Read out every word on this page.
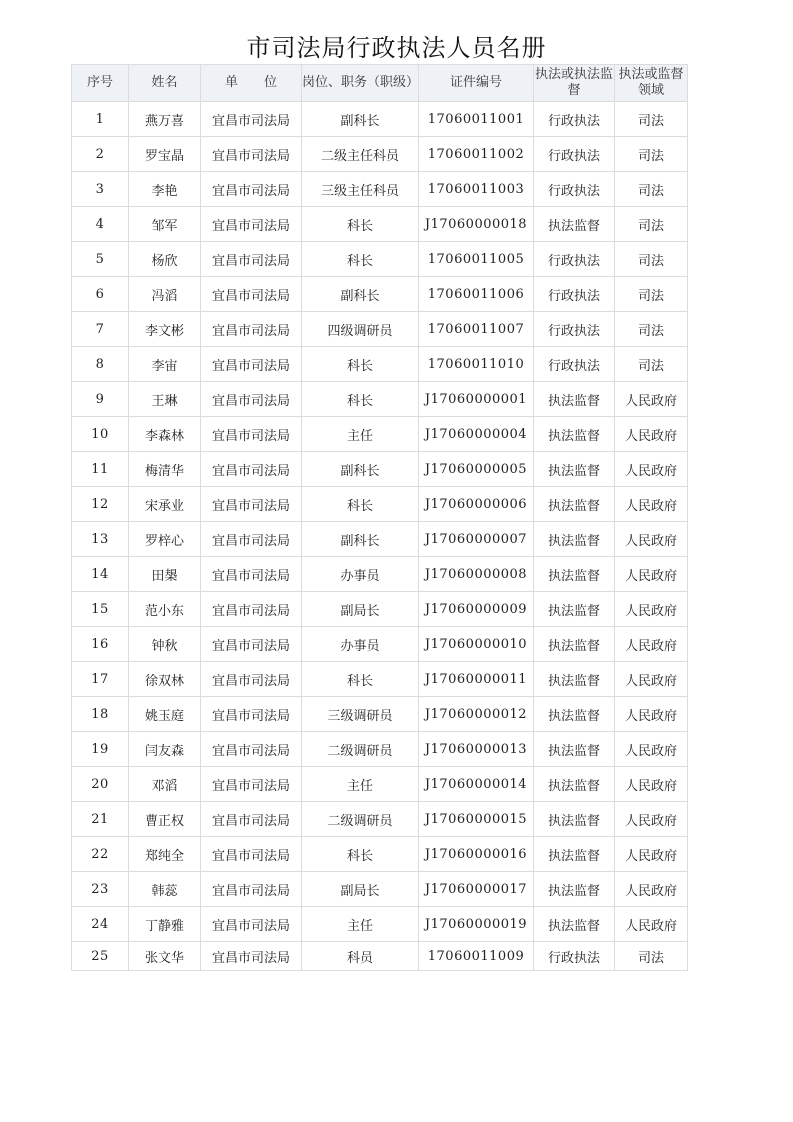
市司法局行政执法人员名册
序号	姓名	单　　位	岗位、职务（职级）	证件编号	执法或执法监督	执法或监督领域
1	燕万喜	宜昌市司法局	副科长	17060011001	行政执法	司法
2	罗宝晶	宜昌市司法局	二级主任科员	17060011002	行政执法	司法
3	李艳	宜昌市司法局	三级主任科员	17060011003	行政执法	司法
4	邹军	宜昌市司法局	科长	J17060000018	执法监督	司法
5	杨欣	宜昌市司法局	科长	17060011005	行政执法	司法
6	冯滔	宜昌市司法局	副科长	17060011006	行政执法	司法
7	李文彬	宜昌市司法局	四级调研员	17060011007	行政执法	司法
8	李宙	宜昌市司法局	科长	17060011010	行政执法	司法
9	王琳	宜昌市司法局	科长	J17060000001	执法监督	人民政府
10	李森林	宜昌市司法局	主任	J17060000004	执法监督	人民政府
11	梅清华	宜昌市司法局	副科长	J17060000005	执法监督	人民政府
12	宋承业	宜昌市司法局	科长	J17060000006	执法监督	人民政府
13	罗梓心	宜昌市司法局	副科长	J17060000007	执法监督	人民政府
14	田槼	宜昌市司法局	办事员	J17060000008	执法监督	人民政府
15	范小东	宜昌市司法局	副局长	J17060000009	执法监督	人民政府
16	钟秋	宜昌市司法局	办事员	J17060000010	执法监督	人民政府
17	徐双林	宜昌市司法局	科长	J17060000011	执法监督	人民政府
18	姚玉庭	宜昌市司法局	三级调研员	J17060000012	执法监督	人民政府
19	闫友森	宜昌市司法局	二级调研员	J17060000013	执法监督	人民政府
20	邓滔	宜昌市司法局	主任	J17060000014	执法监督	人民政府
21	曹正权	宜昌市司法局	二级调研员	J17060000015	执法监督	人民政府
22	郑纯全	宜昌市司法局	科长	J17060000016	执法监督	人民政府
23	韩蕊	宜昌市司法局	副局长	J17060000017	执法监督	人民政府
24	丁静雅	宜昌市司法局	主任	J17060000019	执法监督	人民政府
25	张文华	宜昌市司法局	科员	17060011009	行政执法	司法
